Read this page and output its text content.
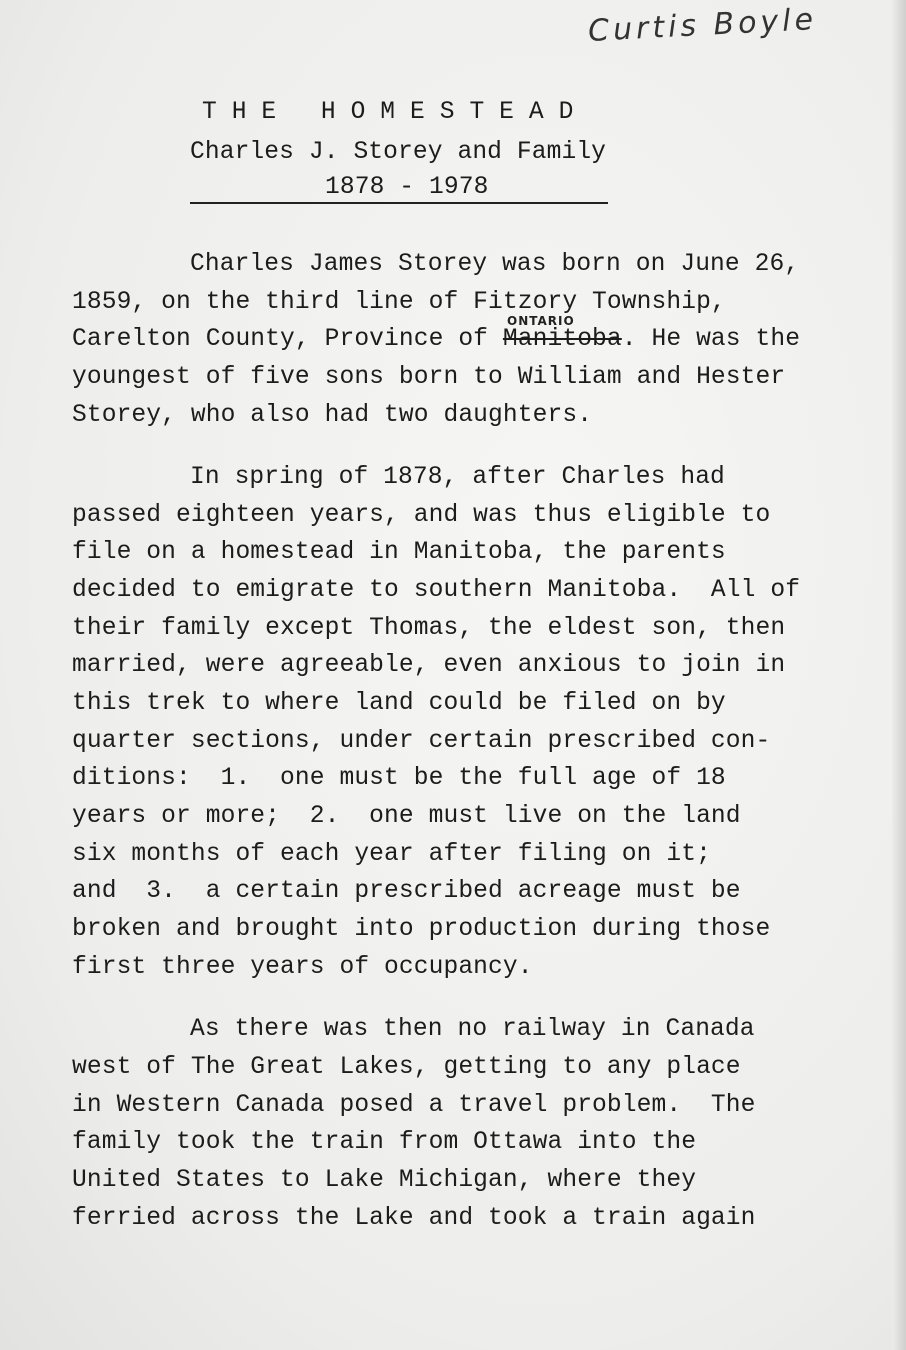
Curtis Boyle
T H E   H O M E S T E A D
Charles J. Storey and Family
1878 - 1978
Charles James Storey was born on June 26,
1859, on the third line of Fitzory Township,
Carelton County, Province of Manitoba. He was the
ONTARIO
youngest of five sons born to William and Hester
Storey, who also had two daughters.
In spring of 1878, after Charles had
passed eighteen years, and was thus eligible to
file on a homestead in Manitoba, the parents
decided to emigrate to southern Manitoba.  All of
their family except Thomas, the eldest son, then
married, were agreeable, even anxious to join in
this trek to where land could be filed on by
quarter sections, under certain prescribed con-
ditions:  1.  one must be the full age of 18
years or more;  2.  one must live on the land
six months of each year after filing on it;
and  3.  a certain prescribed acreage must be
broken and brought into production during those
first three years of occupancy.
As there was then no railway in Canada
west of The Great Lakes, getting to any place
in Western Canada posed a travel problem.  The
family took the train from Ottawa into the
United States to Lake Michigan, where they
ferried across the Lake and took a train again
